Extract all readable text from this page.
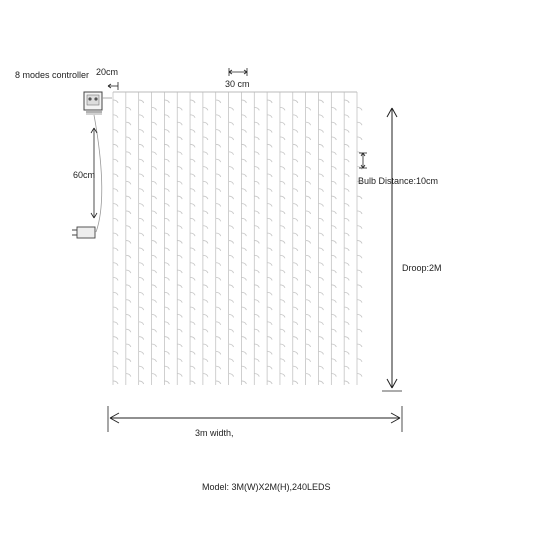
8 modes controller 20cm
30 cm
60cm
Bulb Distance:10cm
Droop:2M
3m width,
Model: 3M(W)X2M(H),240LEDS
